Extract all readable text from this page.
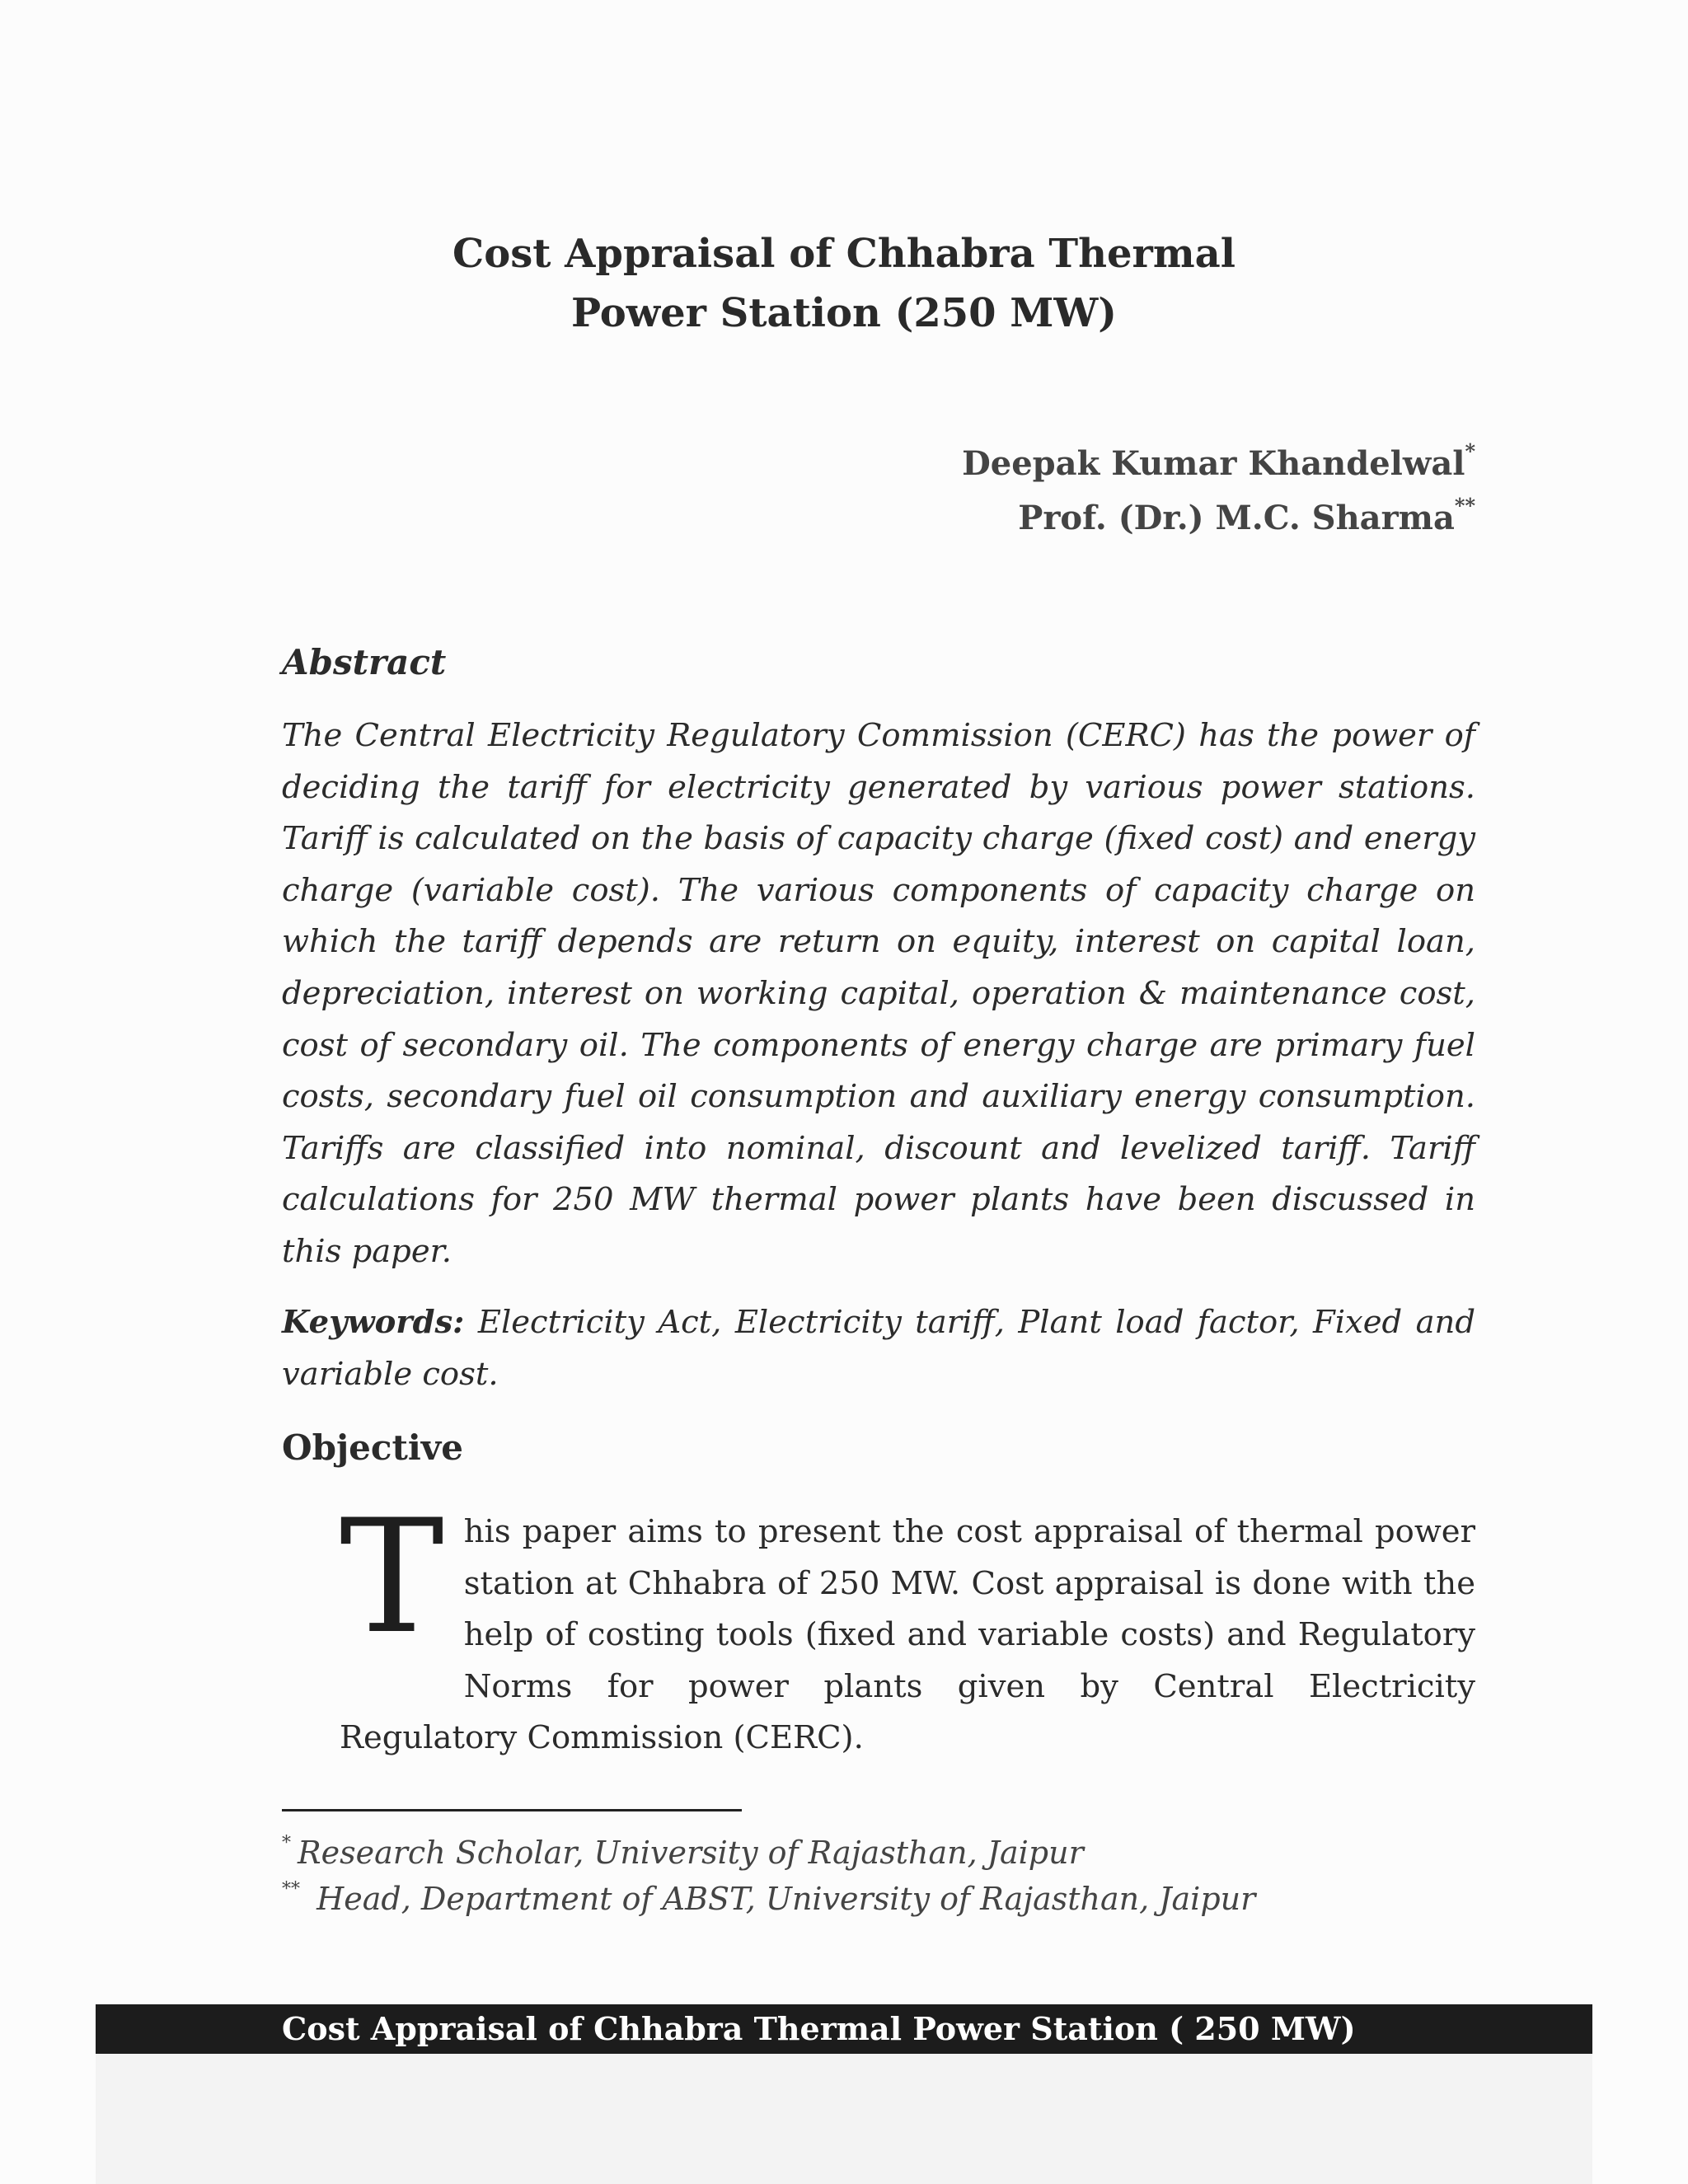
Cost Appraisal of Chhabra Thermal
Power Station (250 MW)
Deepak Kumar Khandelwal*
Prof. (Dr.) M.C. Sharma**
Abstract

The Central Electricity Regulatory Commission (CERC) has the power of deciding the tariff for electricity generated by various power stations. Tariff is calculated on the basis of capacity charge (fixed cost) and energy charge (variable cost). The various components of capacity charge on which the tariff depends are return on equity, interest on capital loan, depreciation, interest on working capital, operation & maintenance cost, cost of secondary oil. The components of energy charge are primary fuel costs, secondary fuel oil consumption and auxiliary energy consumption. Tariffs are classified into nominal, discount and levelized tariff. Tariff calculations for 250 MW thermal power plants have been discussed in this paper.

Keywords: Electricity Act, Electricity tariff, Plant load factor, Fixed and variable cost.

Objective

This paper aims to present the cost appraisal of thermal power station at Chhabra of 250 MW. Cost appraisal is done with the help of costing tools (fixed and variable costs) and Regulatory Norms for power plants given by Central Electricity Regulatory Commission (CERC).

* Research Scholar, University of Rajasthan, Jaipur
** Head, Department of ABST, University of Rajasthan, Jaipur
Cost Appraisal of Chhabra Thermal Power Station ( 250 MW)
